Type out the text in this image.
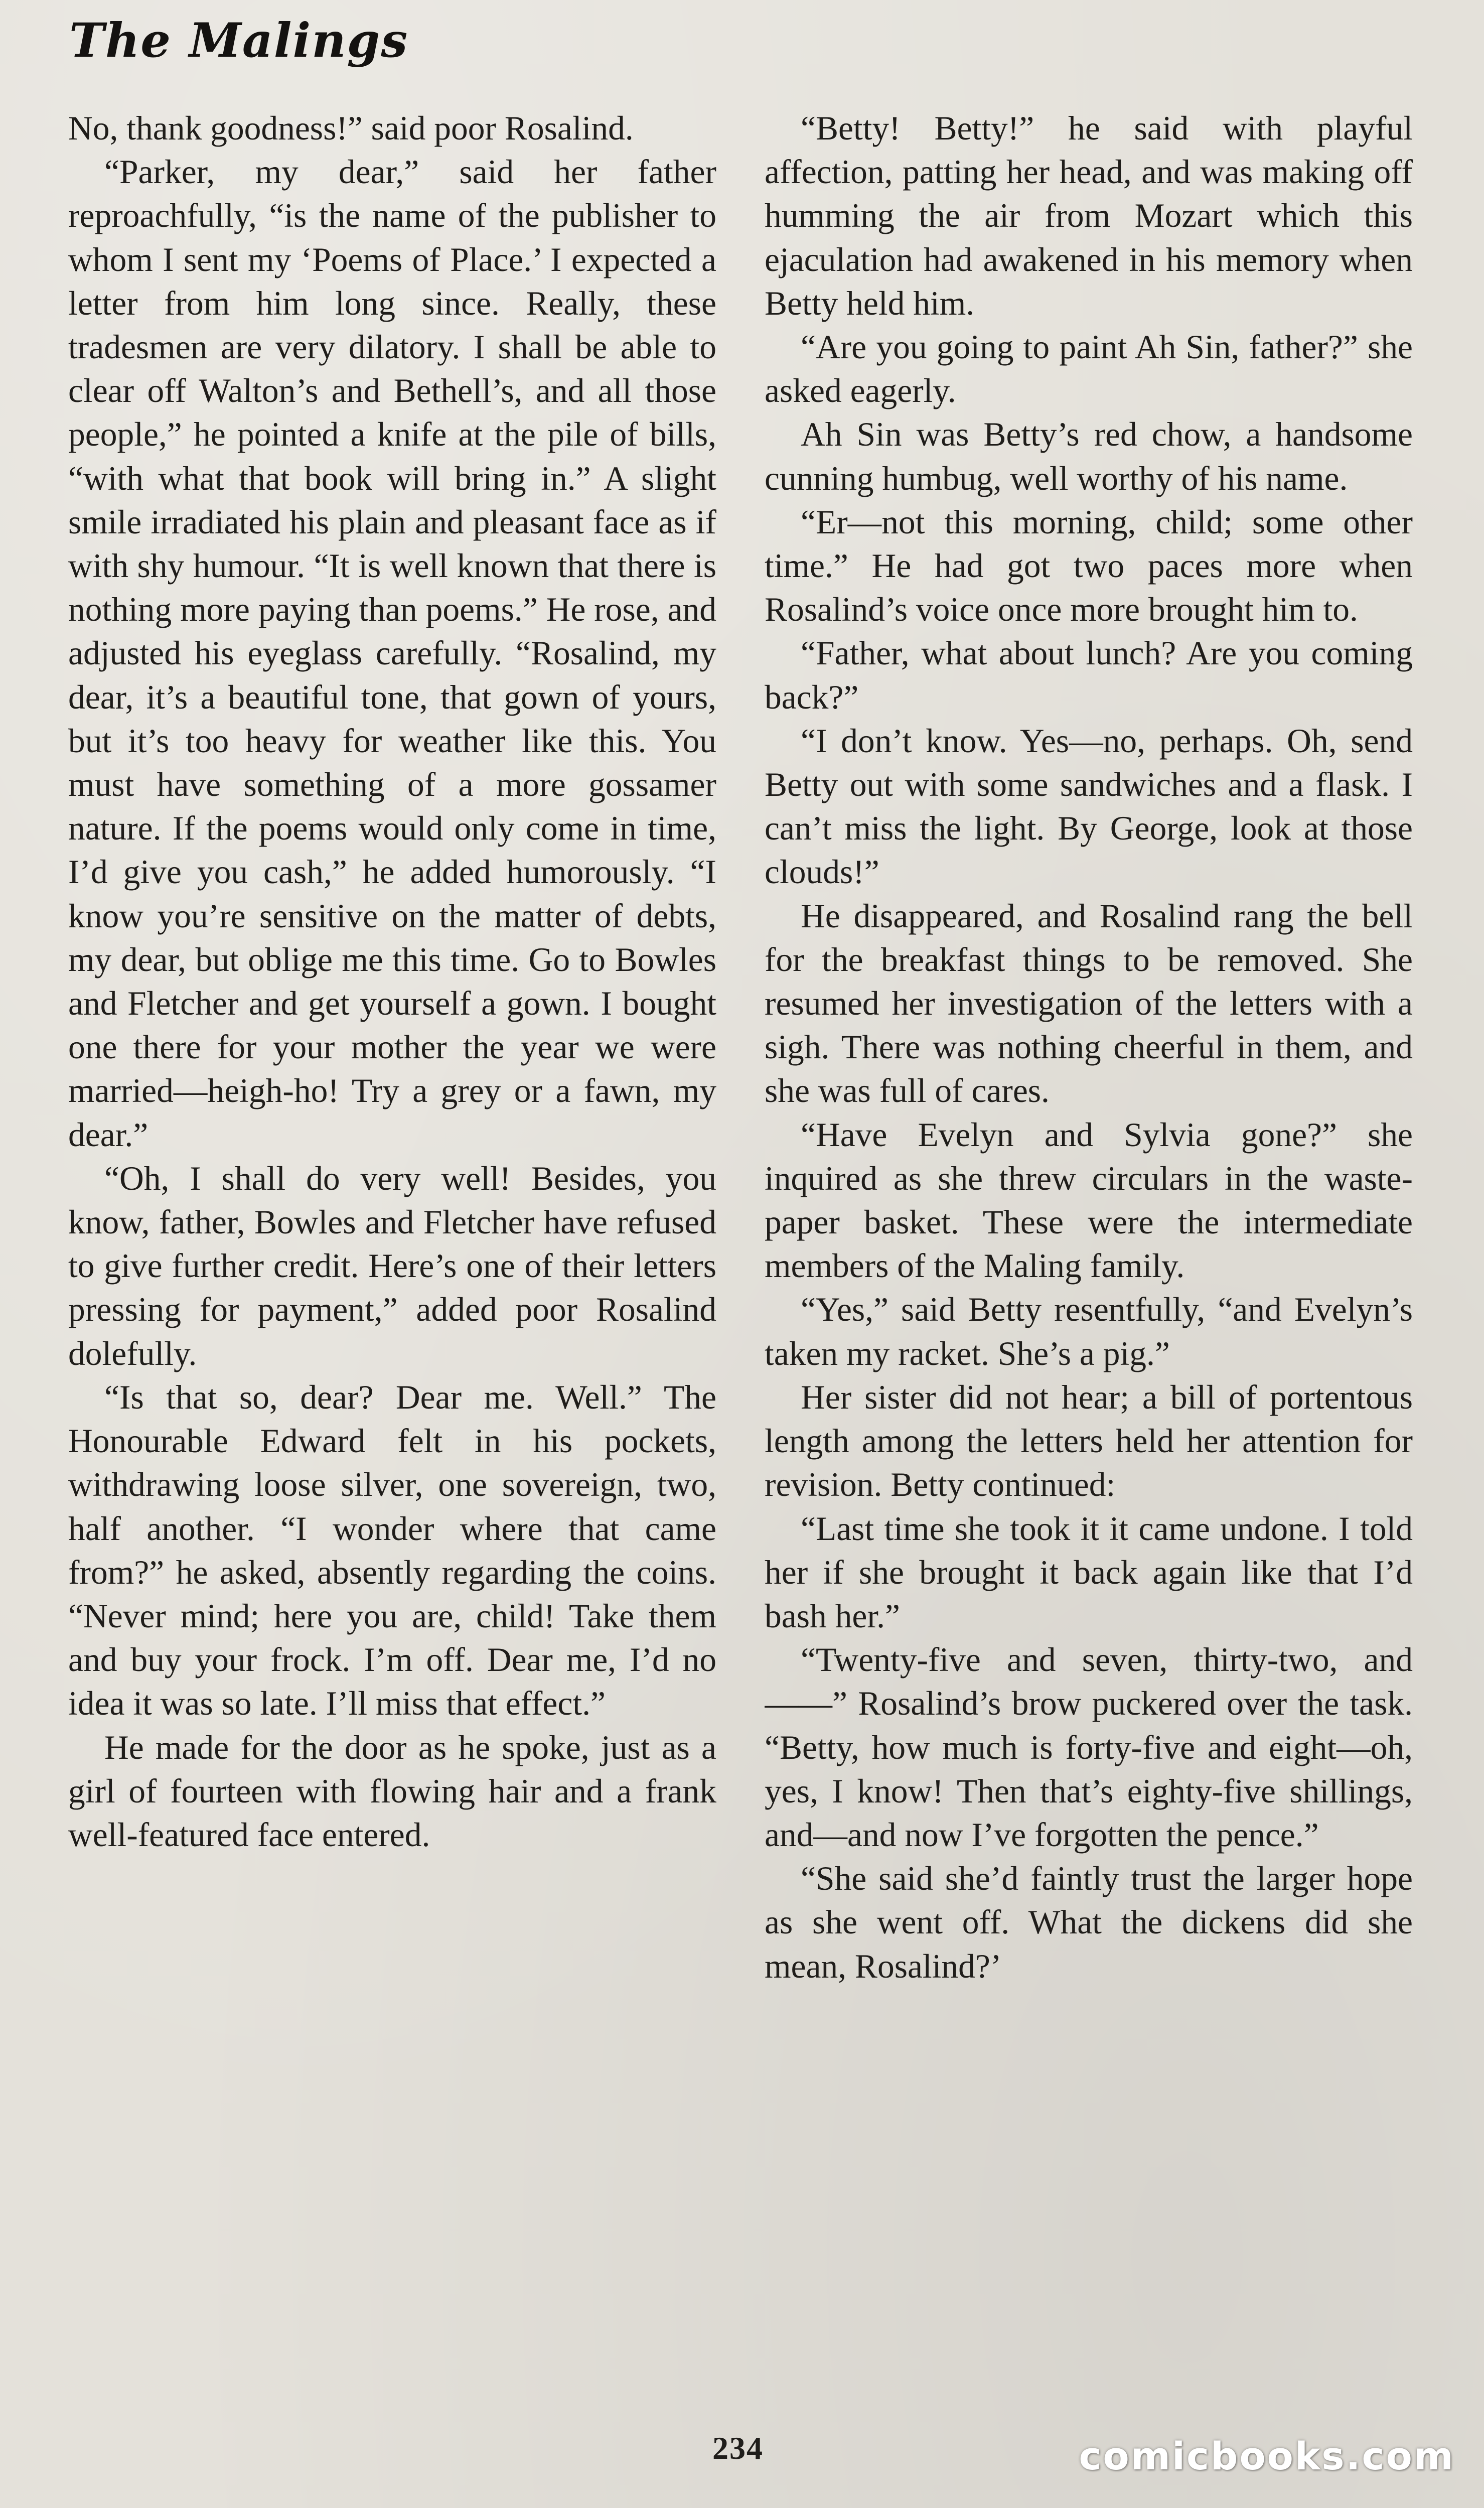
The Malings

No, thank goodness!” said poor Rosalind.

“Parker, my dear,” said her father reproachfully, “is the name of the publisher to whom I sent my ‘Poems of Place.’ I expected a letter from him long since. Really, these tradesmen are very dilatory. I shall be able to clear off Walton’s and Bethell’s, and all those people,” he pointed a knife at the pile of bills, “with what that book will bring in.” A slight smile irradiated his plain and pleasant face as if with shy humour. “It is well known that there is nothing more paying than poems.” He rose, and adjusted his eyeglass carefully. “Rosalind, my dear, it’s a beautiful tone, that gown of yours, but it’s too heavy for weather like this. You must have something of a more gossamer nature. If the poems would only come in time, I’d give you cash,” he added humorously. “I know you’re sensitive on the matter of debts, my dear, but oblige me this time. Go to Bowles and Fletcher and get yourself a gown. I bought one there for your mother the year we were married—heigh-ho! Try a grey or a fawn, my dear.”

“Oh, I shall do very well! Besides, you know, father, Bowles and Fletcher have refused to give further credit. Here’s one of their letters pressing for payment,” added poor Rosalind dolefully.

“Is that so, dear? Dear me. Well.” The Honourable Edward felt in his pockets, withdrawing loose silver, one sovereign, two, half another. “I wonder where that came from?” he asked, absently regarding the coins. “Never mind; here you are, child! Take them and buy your frock. I’m off. Dear me, I’d no idea it was so late. I’ll miss that effect.”

He made for the door as he spoke, just as a girl of fourteen with flowing hair and a frank well-featured face entered.

“Betty! Betty!” he said with playful affection, patting her head, and was making off humming the air from Mozart which this ejaculation had awakened in his memory when Betty held him.

“Are you going to paint Ah Sin, father?” she asked eagerly.

Ah Sin was Betty’s red chow, a handsome cunning humbug, well worthy of his name.

“Er—not this morning, child; some other time.” He had got two paces more when Rosalind’s voice once more brought him to.

“Father, what about lunch? Are you coming back?”

“I don’t know. Yes—no, perhaps. Oh, send Betty out with some sandwiches and a flask. I can’t miss the light. By George, look at those clouds!”

He disappeared, and Rosalind rang the bell for the breakfast things to be removed. She resumed her investigation of the letters with a sigh. There was nothing cheerful in them, and she was full of cares.

“Have Evelyn and Sylvia gone?” she inquired as she threw circulars in the waste-paper basket. These were the intermediate members of the Maling family.

“Yes,” said Betty resentfully, “and Evelyn’s taken my racket. She’s a pig.”

Her sister did not hear; a bill of portentous length among the letters held her attention for revision. Betty continued:

“Last time she took it it came undone. I told her if she brought it back again like that I’d bash her.”

“Twenty-five and seven, thirty-two, and——” Rosalind’s brow puckered over the task. “Betty, how much is forty-five and eight—oh, yes, I know! Then that’s eighty-five shillings, and—and now I’ve forgotten the pence.”

“She said she’d faintly trust the larger hope as she went off. What the dickens did she mean, Rosalind?’

234	comicbooks.com
